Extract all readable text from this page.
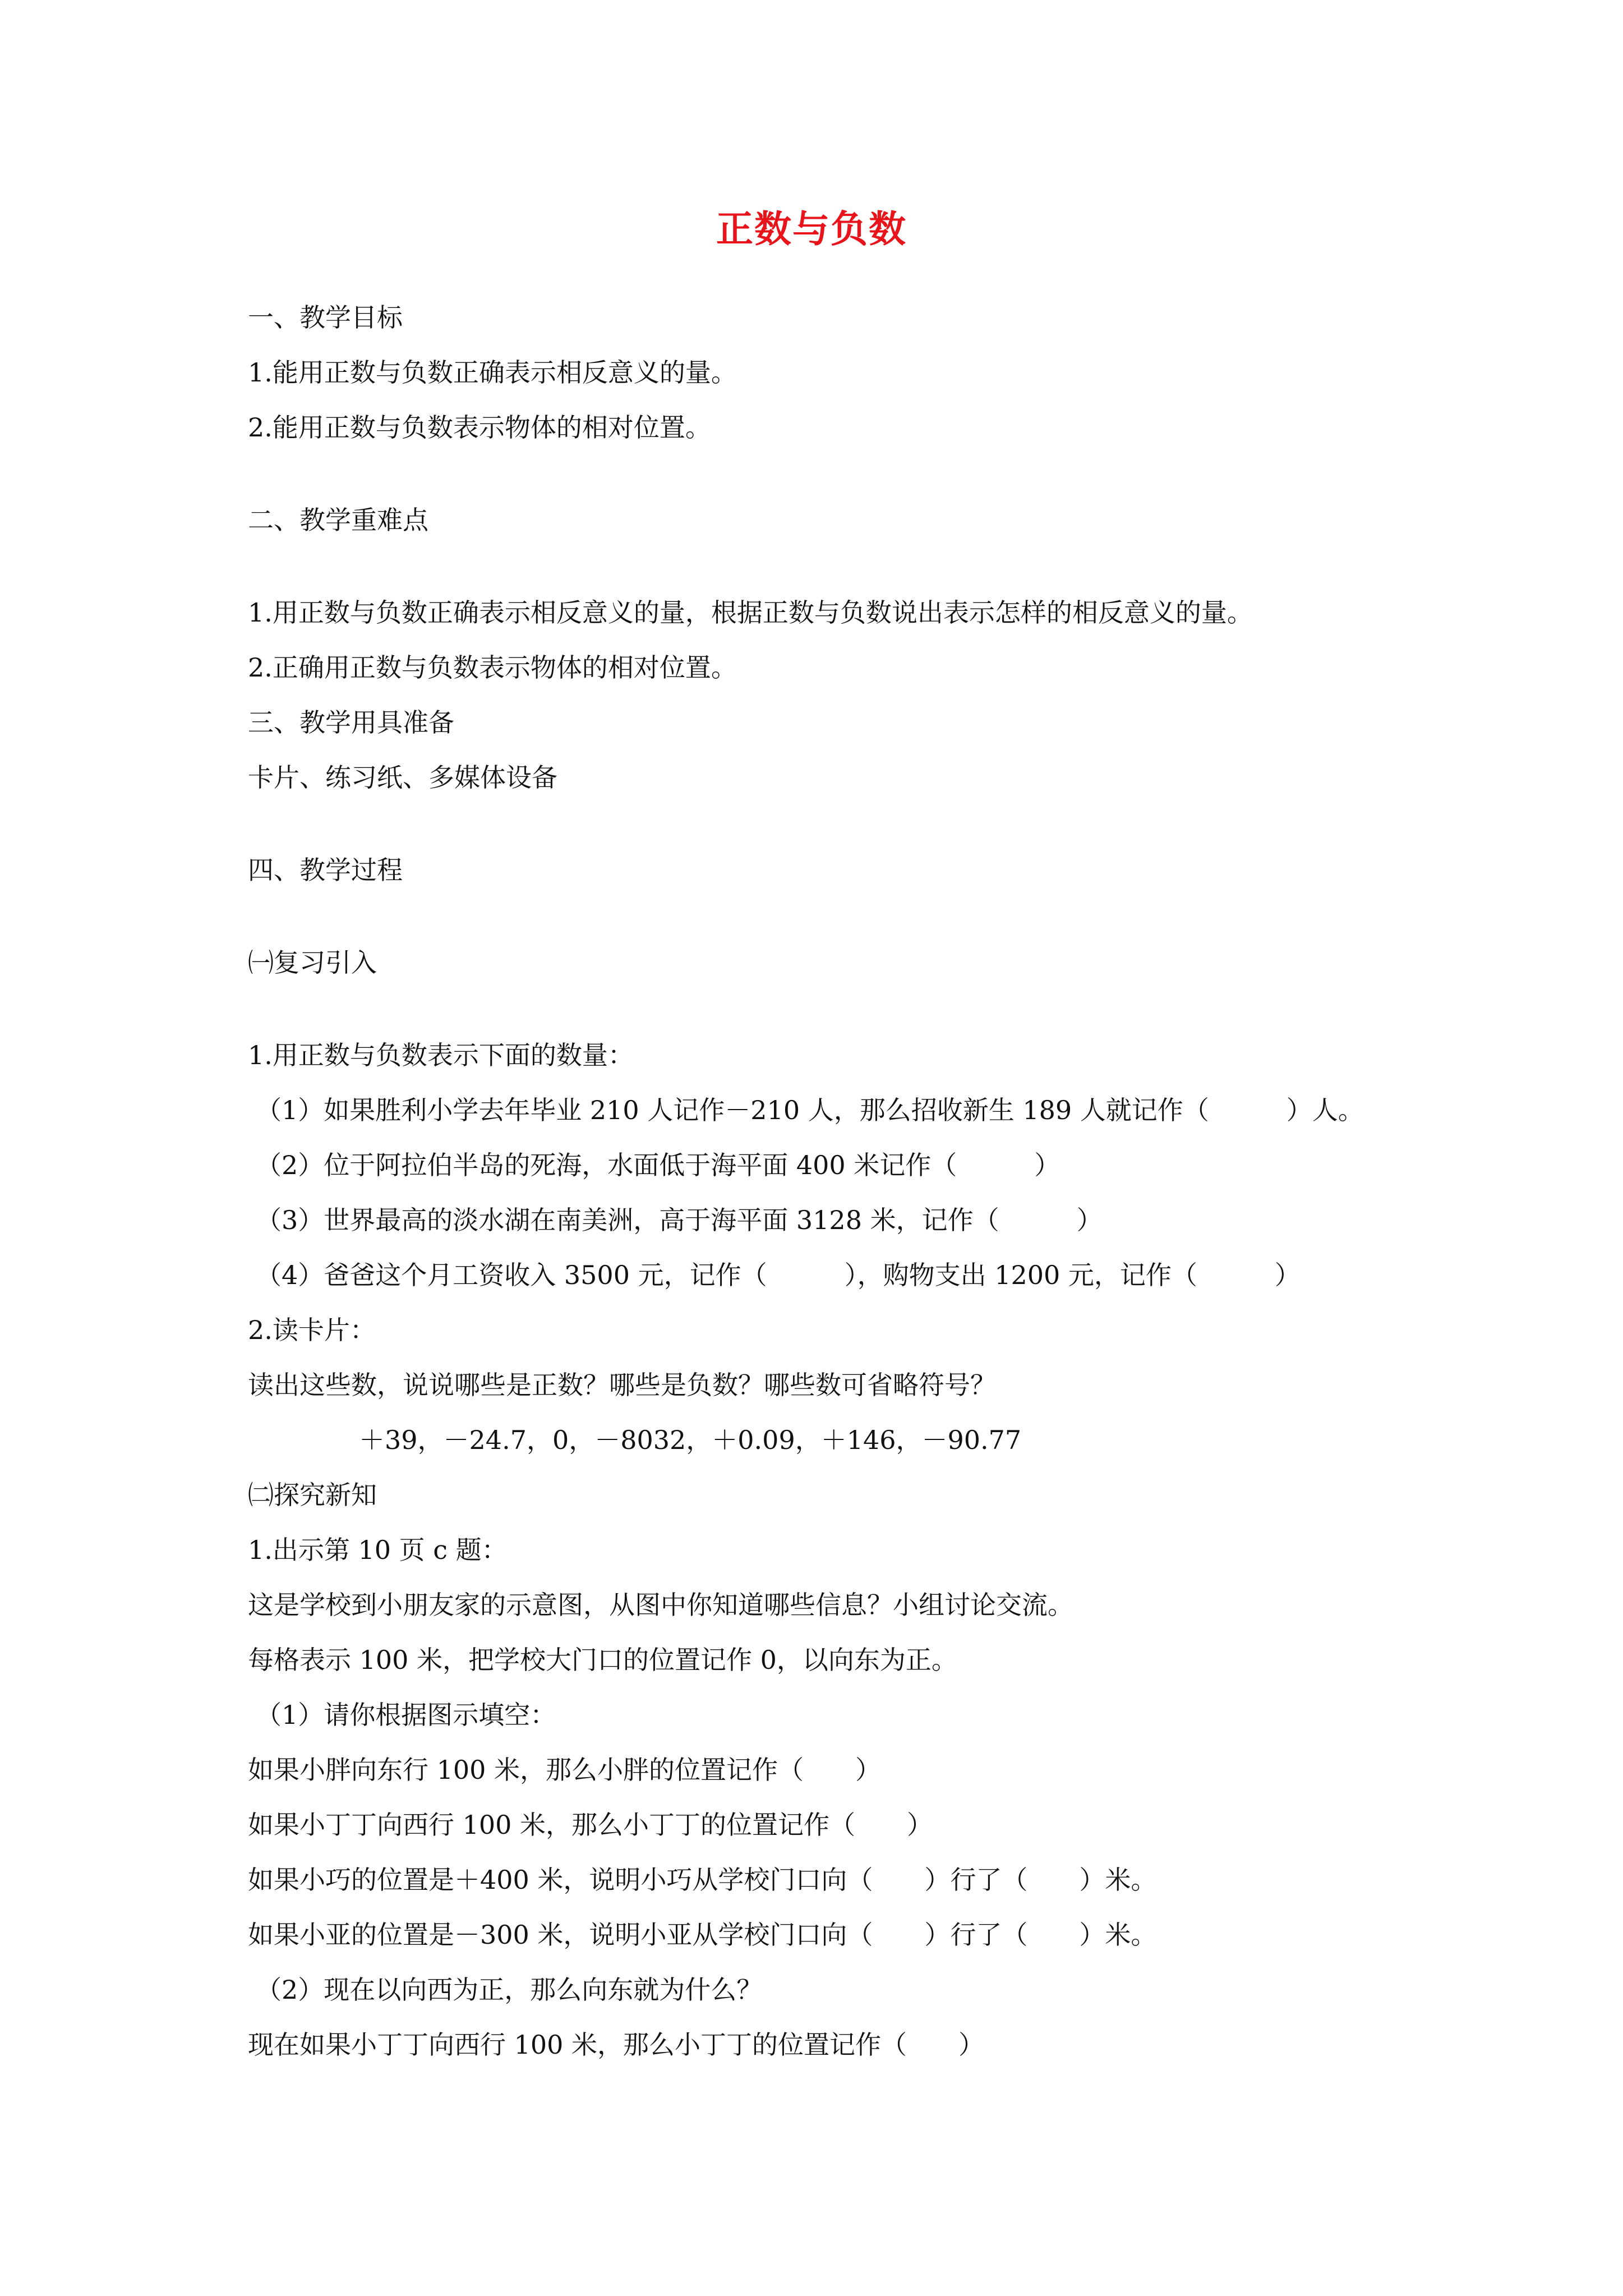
正数与负数
一、教学目标
1.能用正数与负数正确表示相反意义的量。
2.能用正数与负数表示物体的相对位置。
二、教学重难点
1.用正数与负数正确表示相反意义的量，根据正数与负数说出表示怎样的相反意义的量。
2.正确用正数与负数表示物体的相对位置。
三、教学用具准备
卡片、练习纸、多媒体设备
四、教学过程
㈠复习引入
1.用正数与负数表示下面的数量：
（1）如果胜利小学去年毕业 210 人记作－210 人，那么招收新生 189 人就记作（　　　）人。
（2）位于阿拉伯半岛的死海，水面低于海平面 400 米记作（　　　）
（3）世界最高的淡水湖在南美洲，高于海平面 3128 米，记作（　　　）
（4）爸爸这个月工资收入 3500 元，记作（　　　），购物支出 1200 元，记作（　　　）
2.读卡片：
读出这些数，说说哪些是正数？哪些是负数？哪些数可省略符号？
＋39，－24.7，0，－8032，＋0.09，＋146，－90.77
㈡探究新知
1.出示第 10 页 c 题：
这是学校到小朋友家的示意图，从图中你知道哪些信息？小组讨论交流。
每格表示 100 米，把学校大门口的位置记作 0，以向东为正。
（1）请你根据图示填空：
如果小胖向东行 100 米，那么小胖的位置记作（　　）
如果小丁丁向西行 100 米，那么小丁丁的位置记作（　　）
如果小巧的位置是＋400 米，说明小巧从学校门口向（　　）行了（　　）米。
如果小亚的位置是－300 米，说明小亚从学校门口向（　　）行了（　　）米。
（2）现在以向西为正，那么向东就为什么？
现在如果小丁丁向西行 100 米，那么小丁丁的位置记作（　　）
